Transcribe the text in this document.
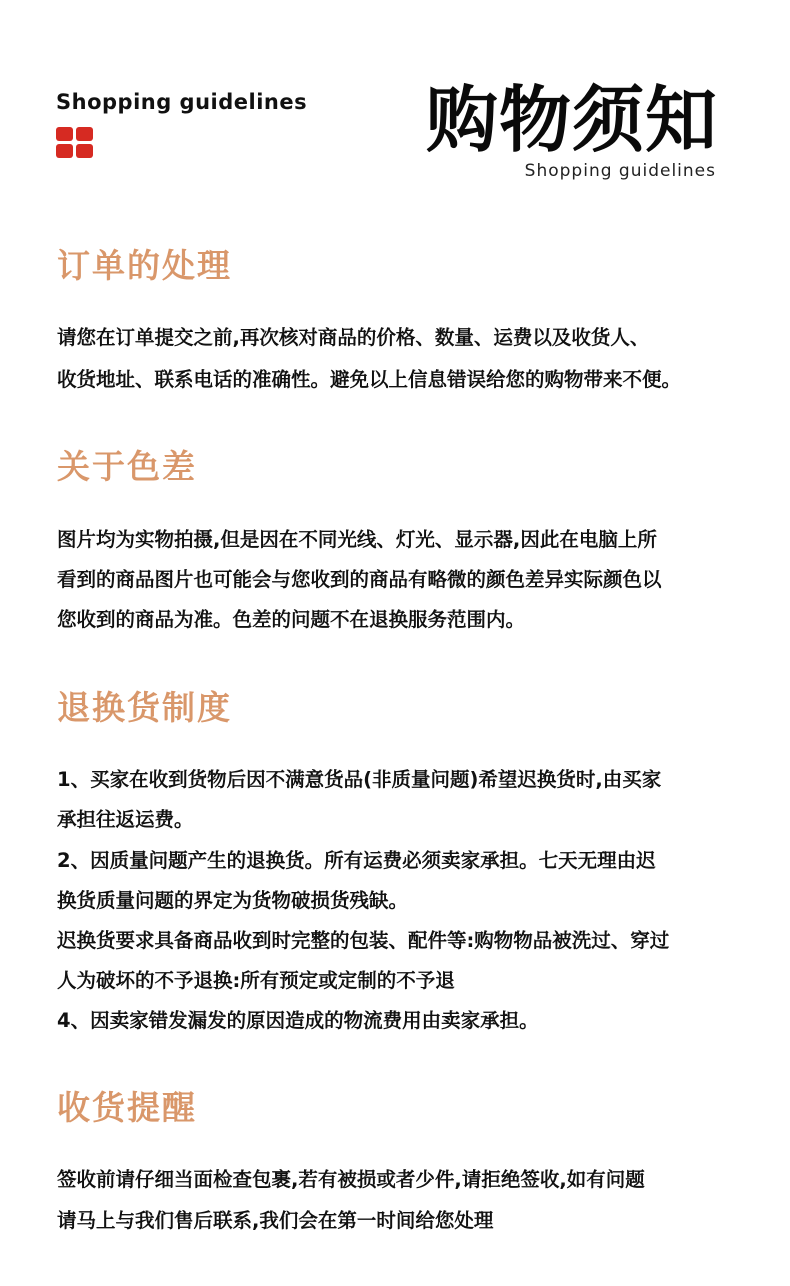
Shopping guidelines 购物须知
Shopping guidelines
订单的处理
请您在订单提交之前,再次核对商品的价格、数量、运费以及收货人、
收货地址、联系电话的准确性。避免以上信息错误给您的购物带来不便。
关于色差
图片均为实物拍摄,但是因在不同光线、灯光、显示器,因此在电脑上所
看到的商品图片也可能会与您收到的商品有略微的颜色差异实际颜色以
您收到的商品为准。色差的问题不在退换服务范围内。
退换货制度
1、买家在收到货物后因不满意货品(非质量问题)希望迟换货时,由买家
承担往返运费。
2、因质量问题产生的退换货。所有运费必须卖家承担。七天无理由迟
换货质量问题的界定为货物破损货残缺。
迟换货要求具备商品收到时完整的包装、配件等:购物物品被洗过、穿过
人为破坏的不予退换:所有预定或定制的不予退
4、因卖家错发漏发的原因造成的物流费用由卖家承担。
收货提醒
签收前请仔细当面检查包裹,若有被损或者少件,请拒绝签收,如有问题
请马上与我们售后联系,我们会在第一时间给您处理
